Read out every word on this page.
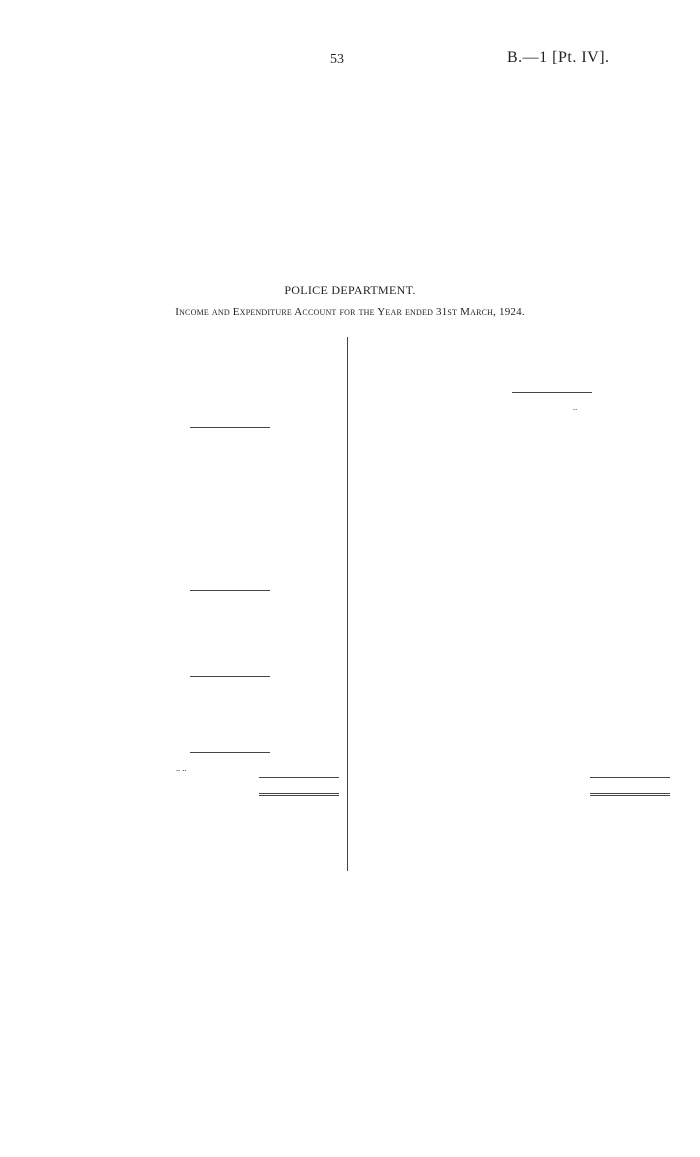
53	B.—1 [Pt. IV].
POLICE DEPARTMENT.
Income and Expenditure Account for the Year ended 31st March, 1924.
.. ..
..
